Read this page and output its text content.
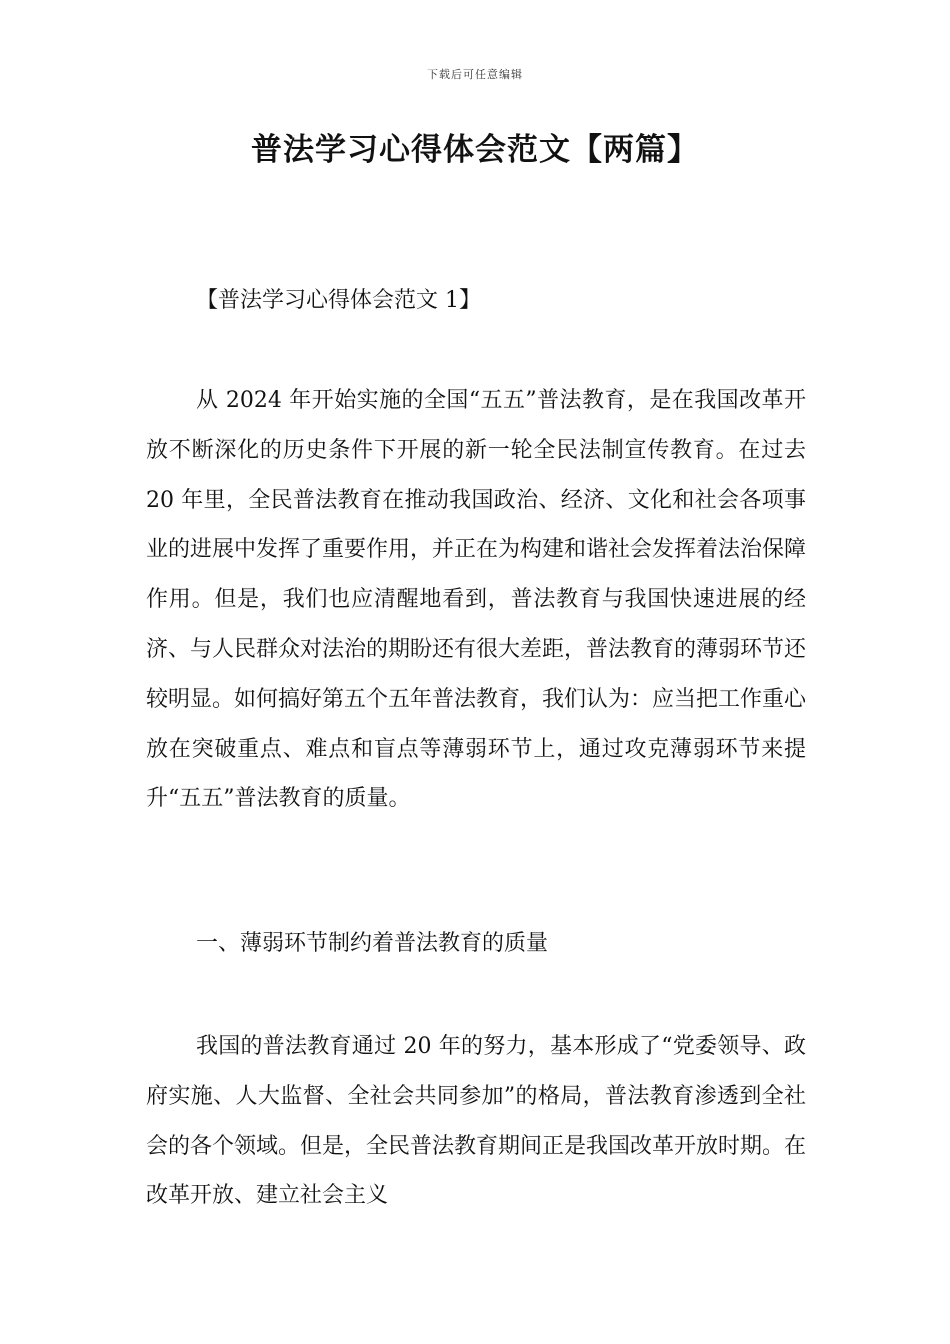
下载后可任意编辑
普法学习心得体会范文【两篇】

【普法学习心得体会范文 1】

从 2024 年开始实施的全国“五五”普法教育，是在我国改革开放不断深化的历史条件下开展的新一轮全民法制宣传教育。在过去 20 年里，全民普法教育在推动我国政治、经济、文化和社会各项事业的进展中发挥了重要作用，并正在为构建和谐社会发挥着法治保障作用。但是，我们也应清醒地看到，普法教育与我国快速进展的经济、与人民群众对法治的期盼还有很大差距，普法教育的薄弱环节还较明显。如何搞好第五个五年普法教育，我们认为：应当把工作重心放在突破重点、难点和盲点等薄弱环节上，通过攻克薄弱环节来提升“五五”普法教育的质量。

一、薄弱环节制约着普法教育的质量

我国的普法教育通过 20 年的努力，基本形成了“党委领导、政府实施、人大监督、全社会共同参加”的格局，普法教育渗透到全社会的各个领域。但是，全民普法教育期间正是我国改革开放时期。在改革开放、建立社会主义
